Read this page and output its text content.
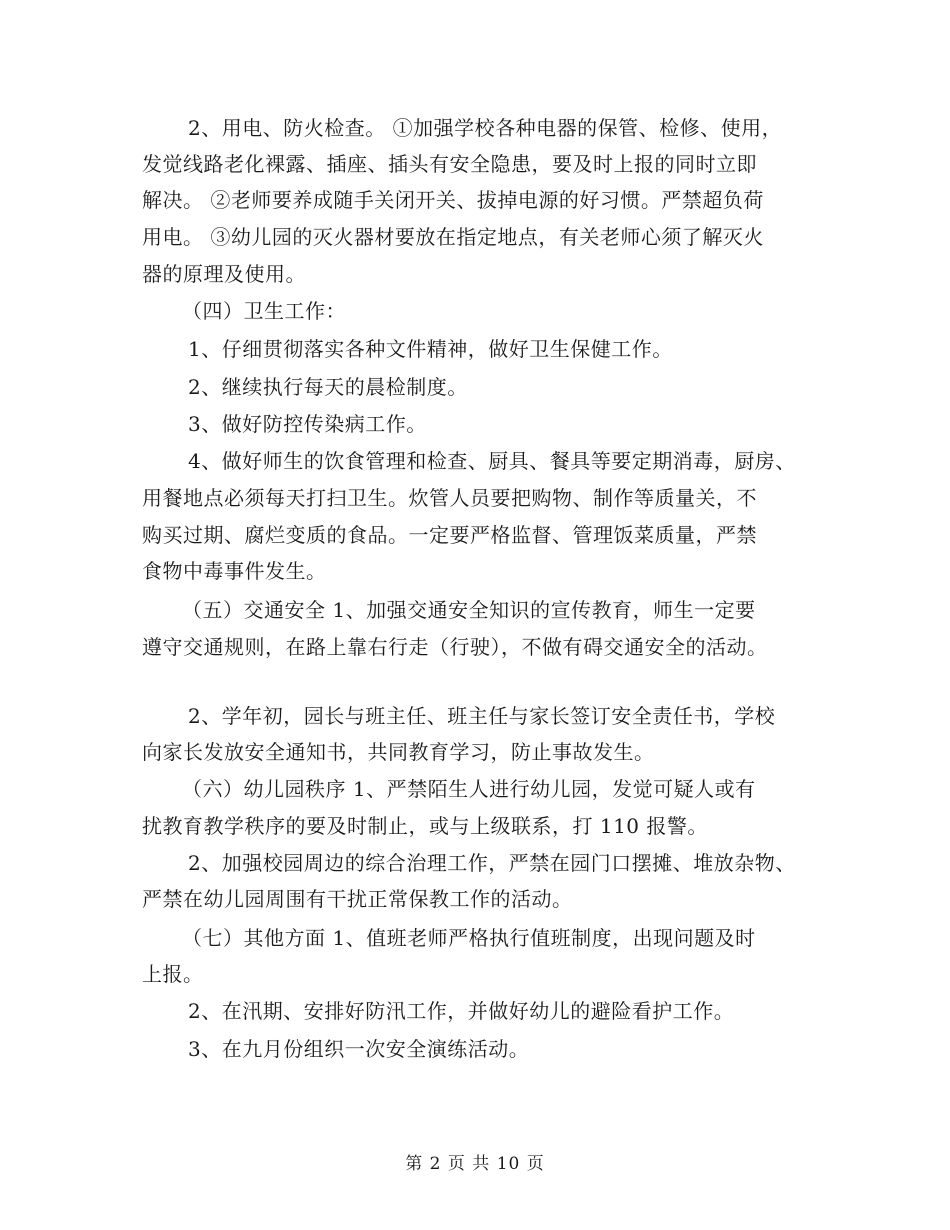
2、用电、防火检查。 ①加强学校各种电器的保管、检修、使用，
发觉线路老化裸露、插座、插头有安全隐患，要及时上报的同时立即
解决。 ②老师要养成随手关闭开关、拔掉电源的好习惯。严禁超负荷
用电。 ③幼儿园的灭火器材要放在指定地点，有关老师心须了解灭火
器的原理及使用。
（四）卫生工作：
1、仔细贯彻落实各种文件精神，做好卫生保健工作。
2、继续执行每天的晨检制度。
3、做好防控传染病工作。
4、做好师生的饮食管理和检查、厨具、餐具等要定期消毒，厨房、
用餐地点必须每天打扫卫生。炊管人员要把购物、制作等质量关，不
购买过期、腐烂变质的食品。一定要严格监督、管理饭菜质量，严禁
食物中毒事件发生。
（五）交通安全 1、加强交通安全知识的宣传教育，师生一定要
遵守交通规则，在路上靠右行走（行驶），不做有碍交通安全的活动。
2、学年初，园长与班主任、班主任与家长签订安全责任书，学校
向家长发放安全通知书，共同教育学习，防止事故发生。
（六）幼儿园秩序 1、严禁陌生人进行幼儿园，发觉可疑人或有
扰教育教学秩序的要及时制止，或与上级联系，打 110 报警。
2、加强校园周边的综合治理工作，严禁在园门口摆摊、堆放杂物、
严禁在幼儿园周围有干扰正常保教工作的活动。
（七）其他方面 1、值班老师严格执行值班制度，出现问题及时
上报。
2、在汛期、安排好防汛工作，并做好幼儿的避险看护工作。
3、在九月份组织一次安全演练活动。
第 2 页 共 10 页
